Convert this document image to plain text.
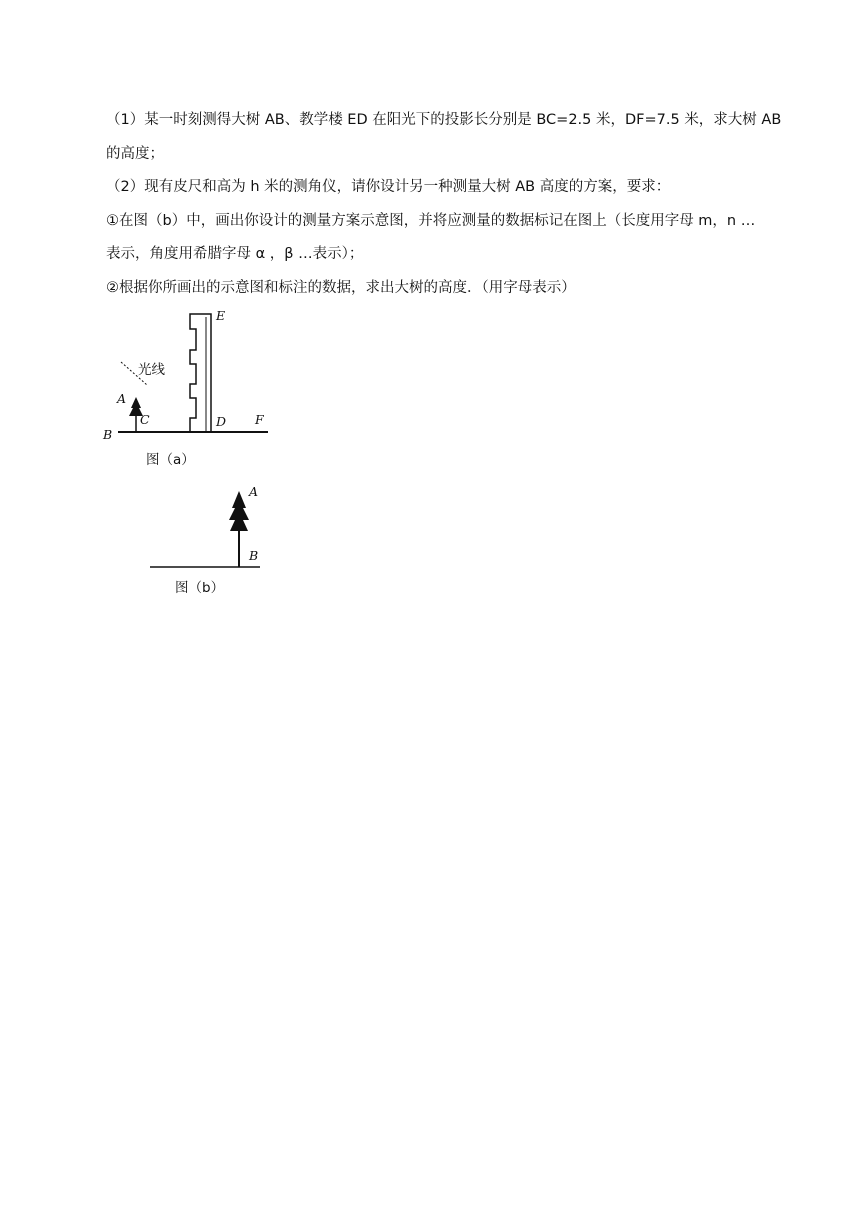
（1）某一时刻测得大树 AB、教学楼 ED 在阳光下的投影长分别是 BC=2.5 米，DF=7.5 米，求大树 AB
的高度；
（2）现有皮尺和高为 h 米的测角仪，请你设计另一种测量大树 AB 高度的方案，要求：
①在图（b）中，画出你设计的测量方案示意图，并将应测量的数据标记在图上（长度用字母 m，n …
表示，角度用希腊字母 α ，β …表示）；
②根据你所画出的示意图和标注的数据，求出大树的高度．（用字母表示）
光线
A
C
B
E
D F
图（a）
A
B
图（b）
